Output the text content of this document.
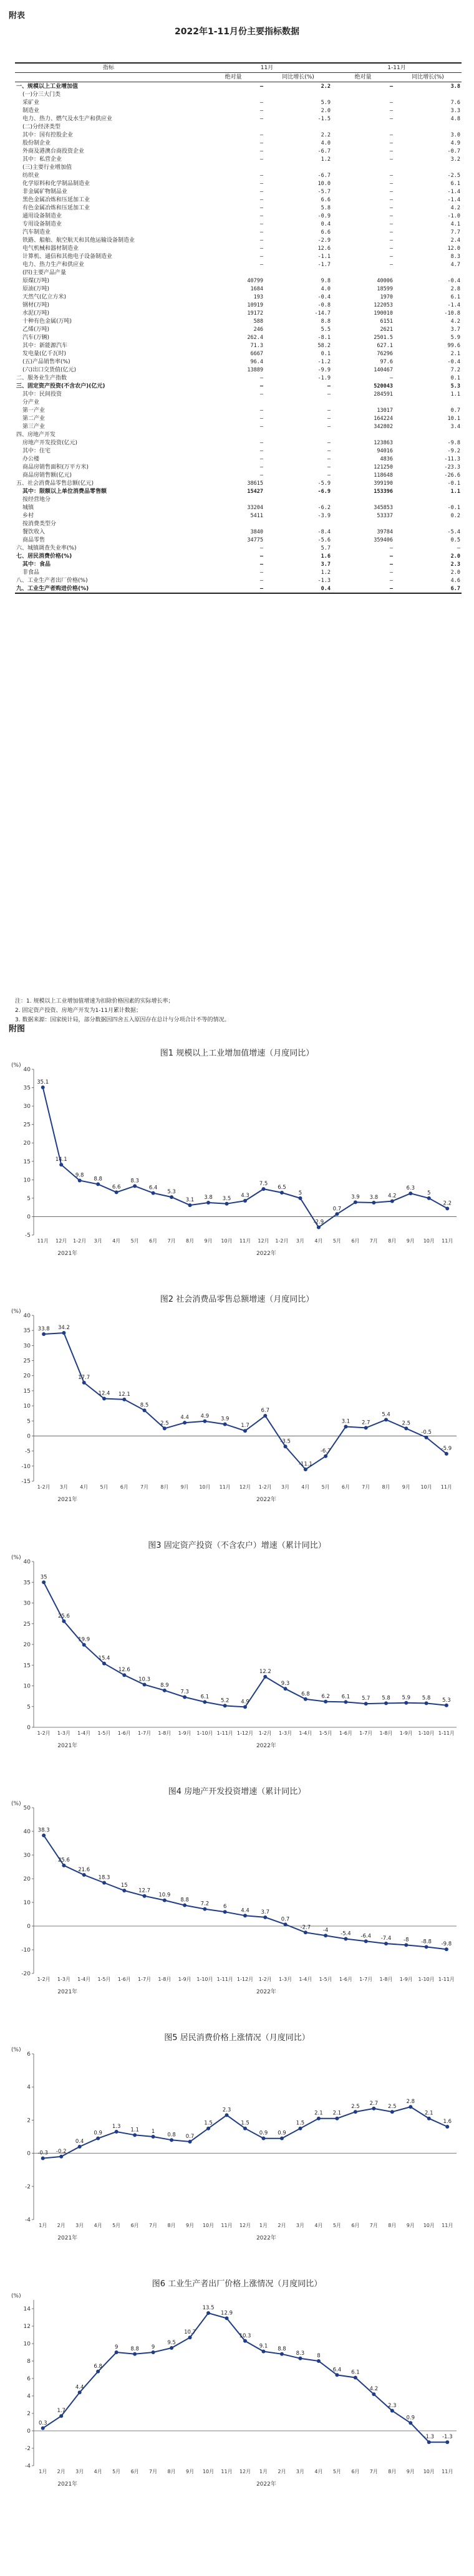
附表
2022年1-11月份主要指标数据
指标	11月		1-11月	
	绝对量	同比增长(%)	绝对量	同比增长(%)
一、规模以上工业增加值	—	2.2	—	3.8
(一)分三大门类				
采矿业	—	5.9	—	7.6
制造业	—	2.0	—	3.3
电力、热力、燃气及水生产和供应业	—	-1.5	—	4.8
(二)分经济类型				
其中：国有控股企业	—	2.2	—	3.0
股份制企业	—	4.0	—	4.9
外商及港澳台商投资企业	—	-6.7	—	-0.7
其中：私营企业	—	1.2	—	3.2
(三)主要行业增加值				
纺织业	—	-6.7	—	-2.5
化学原料和化学制品制造业	—	10.0	—	6.1
非金属矿物制品业	—	-5.7	—	-1.4
黑色金属冶炼和压延加工业	—	6.6	—	-1.4
有色金属冶炼和压延加工业	—	5.8	—	4.2
通用设备制造业	—	-0.9	—	-1.0
专用设备制造业	—	0.4	—	4.1
汽车制造业	—	6.6	—	7.7
铁路、船舶、航空航天和其他运输设备制造业	—	-2.9	—	2.4
电气机械和器材制造业	—	12.6	—	12.0
计算机、通信和其他电子设备制造业	—	-1.1	—	8.3
电力、热力生产和供应业	—	-1.7	—	4.7
(四)主要产品产量				
原煤(万吨)	40799	9.8	40006	-0.4
原油(万吨)	1684	4.0	18599	2.8
天然气(亿立方米)	193	-0.4	1970	6.1
钢材(万吨)	10919	-0.8	122053	-1.4
水泥(万吨)	19172	-14.7	190010	-10.8
十种有色金属(万吨)	588	8.8	6151	4.2
乙烯(万吨)	246	5.5	2621	3.7
汽车(万辆)	262.4	-8.1	2501.5	5.9
其中：新能源汽车	71.3	58.2	627.1	99.6
发电量(亿千瓦时)	6667	0.1	76296	2.1
(五)产品销售率(%)	96.4	-1.2	97.6	-0.4
(六)出口交货值(亿元)	13889	-9.9	140467	7.2
二、服务业生产指数	—	-1.9	—	0.1
三、固定资产投资(不含农户)(亿元)	—	—	520043	5.3
其中：民间投资	—	—	284591	1.1
分产业				
第一产业	—	—	13017	0.7
第二产业	—	—	164224	10.1
第三产业	—	—	342802	3.4
四、房地产开发				
房地产开发投资(亿元)	—	—	123863	-9.8
其中：住宅	—	—	94016	-9.2
办公楼	—	—	4836	-11.3
商品房销售面积(万平方米)	—	—	121250	-23.3
商品房销售额(亿元)	—	—	118648	-26.6
五、社会消费品零售总额(亿元)	38615	-5.9	399190	-0.1
其中：限额以上单位消费品零售额	15427	-6.9	153396	1.1
按经营地分				
城镇	33204	-6.2	345853	-0.1
乡村	5411	-3.9	53337	0.2
按消费类型分				
餐饮收入	3840	-8.4	39784	-5.4
商品零售	34775	-5.6	359406	0.5
六、城镇调查失业率(%)	—	5.7	—	—
七、居民消费价格(%)	—	1.6	—	2.0
其中：食品	—	3.7	—	2.3
非食品	—	1.2	—	2.0
八、工业生产者出厂价格(%)	—	-1.3	—	4.6
九、工业生产者购进价格(%)	—	0.4	—	6.7
注：1. 规模以上工业增加值增速为扣除价格因素的实际增长率；
2. 固定资产投资、房地产开发为1-11月累计数据；
3. 数据来源：国家统计局，部分数据因四舍五入原因存在总计与分项合计不等的情况。
附图
图1 规模以上工业增加值增速（月度同比）
(%)
-5
0
5
10
15
20
25
30
35
40
35.1
14.1
9.8
8.8
6.6
8.3
6.4
5.3
3.1 3.8 3.5 4.3
7.5
6.5
5
-2.9
0.7
3.9 3.8 4.2
6.3
5
2.2
11月 12月 1-2月 3月 4月 5月 6月 7月 8月 9月 10月 11月 12月 1-2月 3月 4月 5月 6月 7月 8月 9月 10月 11月
2021年	2022年
图2 社会消费品零售总额增速（月度同比）
(%)
-15
-10
-5
0
5
10
15
20
25
30
35
40
33.8 34.2
17.7
12.4 12.1
8.5
2.5
4.4 4.9 3.9
1.7
6.7
-3.5
-11.1
-6.7
3.1 2.7
5.4
2.5
-0.5
-5.9
1-2月 3月 4月 5月 6月 7月 8月 9月 10月 11月 12月 1-2月 3月 4月 5月 6月 7月 8月 9月 10月 11月
2021年	2022年
图3 固定资产投资（不含农户）增速（累计同比）
(%)
0
5
10
15
20
25
30
35
40
35
25.6
19.9
15.4
12.6
10.3
8.9
7.3
6.1
5.2 4.9
12.2
9.3
6.8 6.2 6.1 5.7 5.8 5.9 5.8 5.3
1-2月 1-3月 1-4月 1-5月 1-6月 1-7月 1-8月 1-9月 1-10月 1-11月 1-12月 1-2月 1-3月 1-4月 1-5月 1-6月 1-7月 1-8月 1-9月 1-10月 1-11月
2021年	2022年
图4 房地产开发投资增速（累计同比）
(%)
-20
-10
0
10
20
30
40
50
38.3
25.6
21.6
18.3
15
12.7
10.9
8.8
7.2	6
4.4 3.7
0.7
-2.7 -4
-5.4 -6.4 -7.4 -8 -8.8 -9.8
1-2月 1-3月 1-4月 1-5月 1-6月 1-7月 1-8月 1-9月 1-10月 1-11月 1-12月 1-2月 1-3月 1-4月 1-5月 1-6月 1-7月 1-8月 1-9月 1-10月 1-11月
2021年	2022年
图5 居民消费价格上涨情况（月度同比）
(%)
-4
-2
0
2
4
6
-0.3 -0.2
0.4
0.9
1.3
1.1 1
0.8 0.7
1.5
2.3
1.5
0.9 0.9
1.5
2.1 2.1
2.5
2.7
2.5
2.8
2.1
1.6
1月 2月 3月 4月 5月 6月 7月 8月 9月 10月 11月 12月 1月 2月 3月 4月 5月 6月 7月 8月 9月 10月 11月
2021年	2022年
图6 工业生产者出厂价格上涨情况（月度同比）
(%)
-4
-2
0
2
4
6
8
10
12
14
0.3
1.7
4.4
6.8
9 8.8 9
9.5
10.7
13.5
12.9
10.3
9.1 8.8
8.3 8
6.4 6.1
4.2
2.3
0.9
-1.3 -1.3
1月 2月 3月 4月 5月 6月 7月 8月 9月 10月 11月 12月 1月 2月 3月 4月 5月 6月 7月 8月 9月 10月 11月
2021年	2022年
